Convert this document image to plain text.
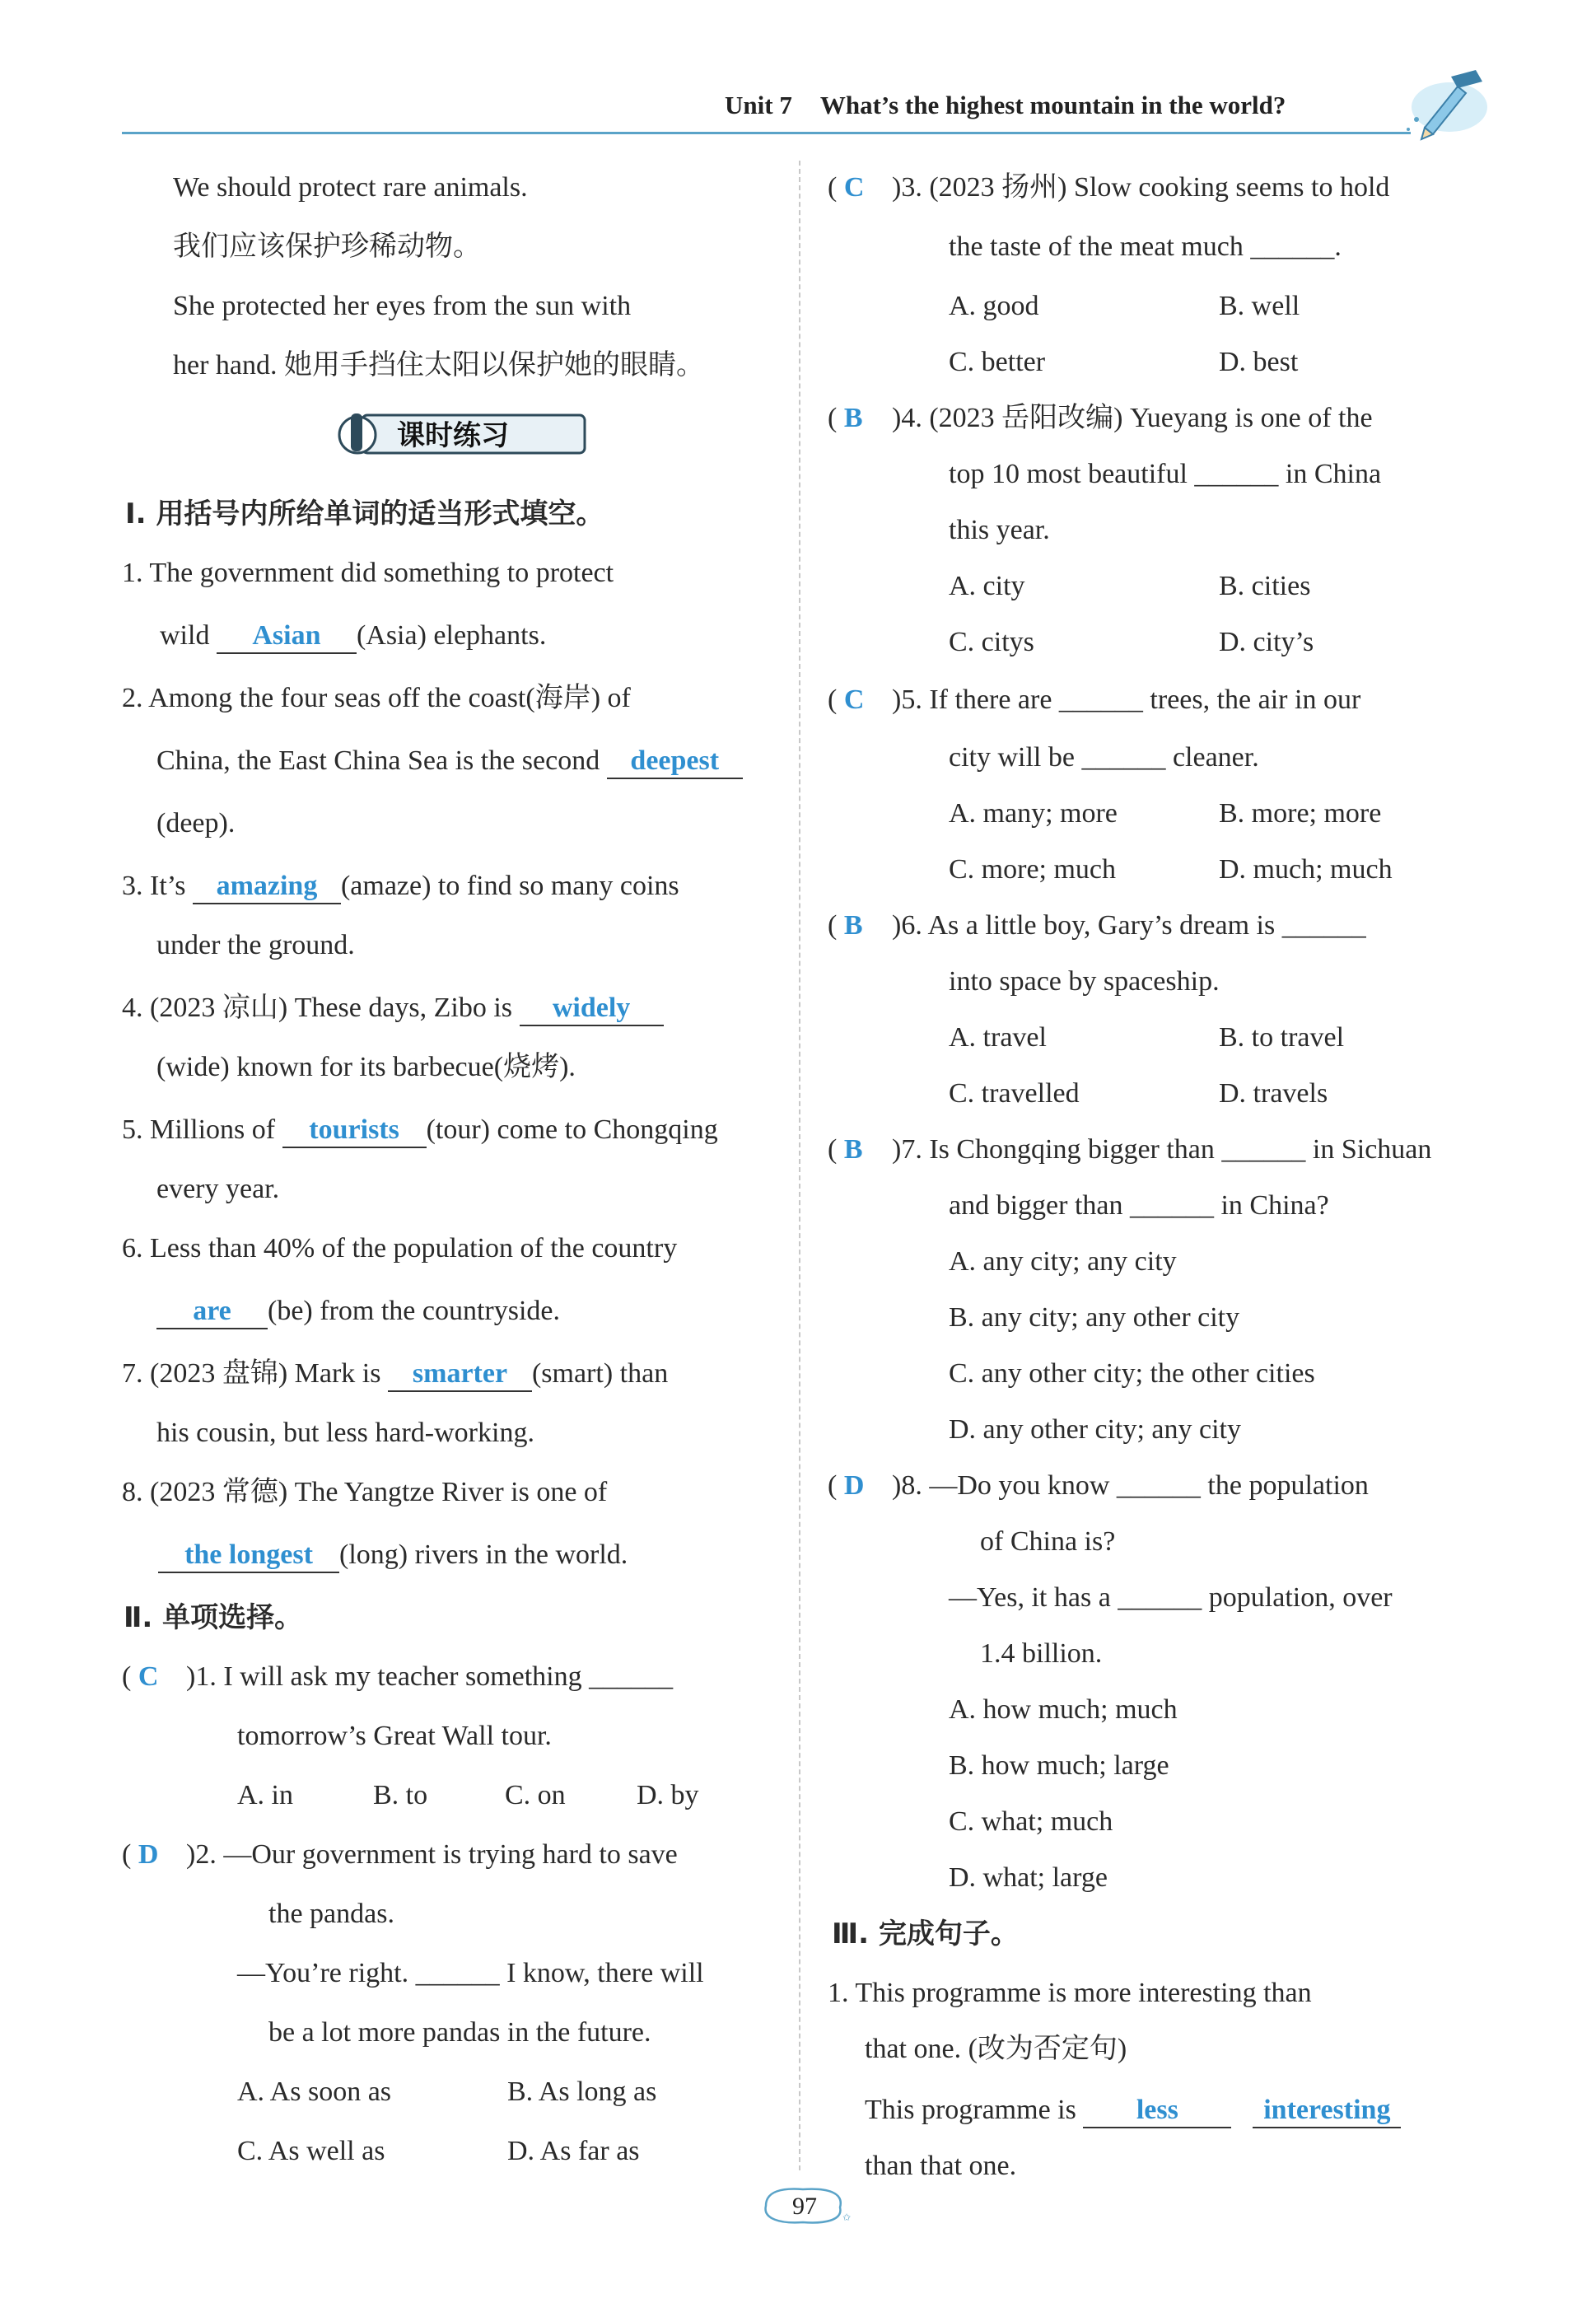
Unit 7 What’s the highest mountain in the world?
We should protect rare animals.
我们应该保护珍稀动物。
She protected her eyes from the sun with
her hand. 她用手挡住太阳以保护她的眼睛。
课时练习
Ⅰ. 用括号内所给单词的适当形式填空。
1. The government did something to protect
wild Asian (Asia) elephants.
2. Among the four seas off the coast(海岸) of
China, the East China Sea is the second deepest
(deep).
3. It’s amazing (amaze) to find so many coins
under the ground.
4. (2023 凉山) These days, Zibo is widely
(wide) known for its barbecue(烧烤).
5. Millions of tourists (tour) come to Chongqing
every year.
6. Less than 40% of the population of the country
are (be) from the countryside.
7. (2023 盘锦) Mark is smarter (smart) than
his cousin, but less hard-working.
8. (2023 常德) The Yangtze River is one of
the longest (long) rivers in the world.
Ⅱ. 单项选择。
( C )1. I will ask my teacher something ______
tomorrow’s Great Wall tour.
A. in	B. to	C. on	D. by
( D )2. —Our government is trying hard to save
the pandas.
—You’re right. ______ I know, there will
be a lot more pandas in the future.
A. As soon as	B. As long as
C. As well as	D. As far as
( C )3. (2023 扬州) Slow cooking seems to hold
the taste of the meat much ______.
A. good	B. well
C. better	D. best
( B )4. (2023 岳阳改编) Yueyang is one of the
top 10 most beautiful ______ in China
this year.
A. city	B. cities
C. citys	D. city’s
( C )5. If there are ______ trees, the air in our
city will be ______ cleaner.
A. many; more	B. more; more
C. more; much	D. much; much
( B )6. As a little boy, Gary’s dream is ______
into space by spaceship.
A. travel	B. to travel
C. travelled	D. travels
( B )7. Is Chongqing bigger than ______ in Sichuan
and bigger than ______ in China?
A. any city; any city
B. any city; any other city
C. any other city; the other cities
D. any other city; any city
( D )8. —Do you know ______ the population
of China is?
—Yes, it has a ______ population, over
1.4 billion.
A. how much; much
B. how much; large
C. what; much
D. what; large
Ⅲ. 完成句子。
1. This programme is more interesting than
that one. (改为否定句)
This programme is less	interesting
than that one.
97	✩
